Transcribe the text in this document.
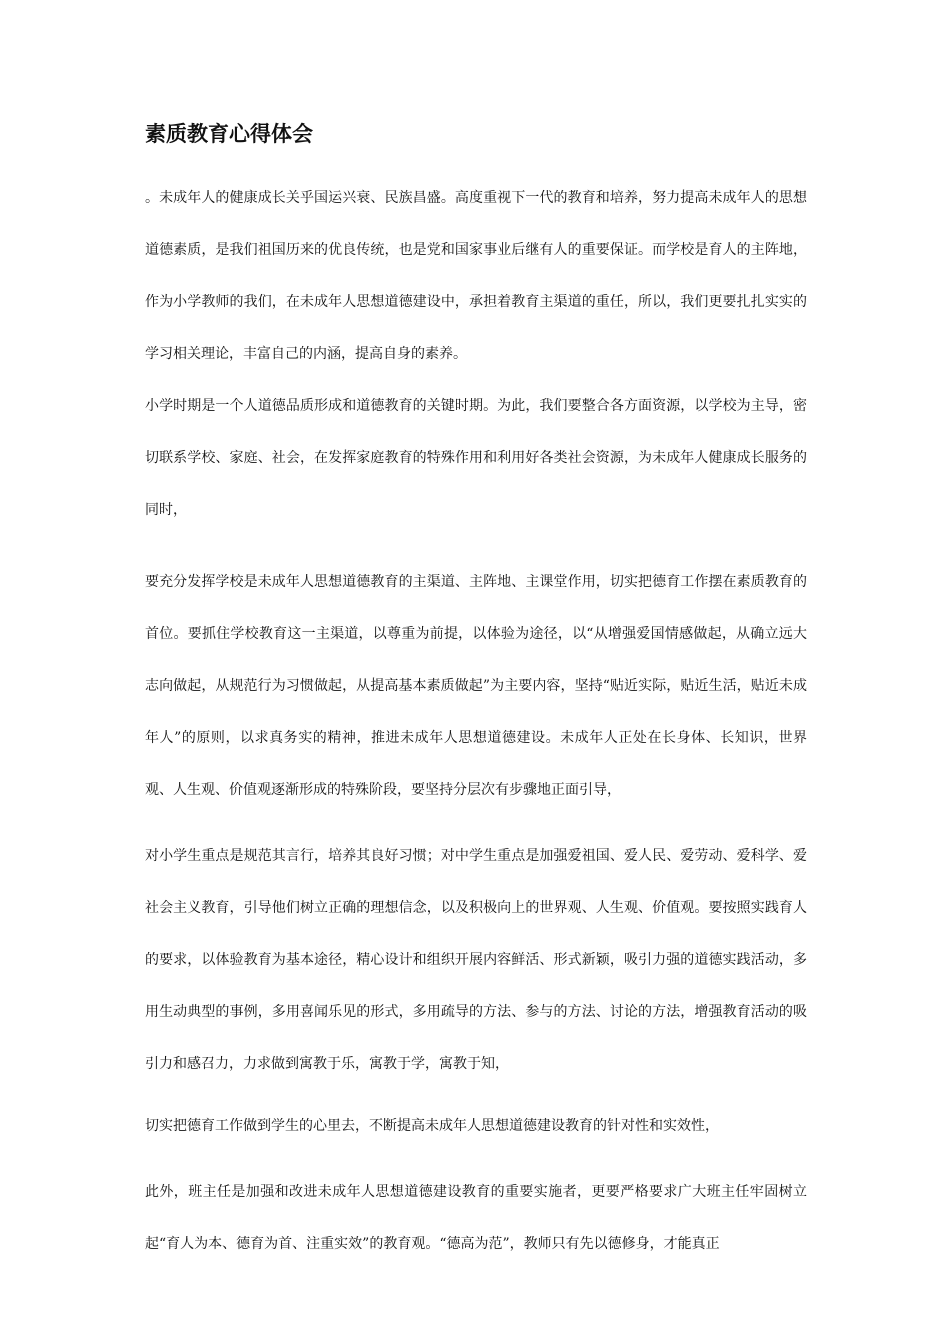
素质教育心得体会

。未成年人的健康成长关乎国运兴衰、民族昌盛。高度重视下一代的教育和培养，努力提高未成年人的思想道德素质，是我们祖国历来的优良传统，也是党和国家事业后继有人的重要保证。而学校是育人的主阵地，作为小学教师的我们，在未成年人思想道德建设中，承担着教育主渠道的重任，所以，我们更要扎扎实实的学习相关理论，丰富自己的内涵，提高自身的素养。

小学时期是一个人道德品质形成和道德教育的关键时期。为此，我们要整合各方面资源，以学校为主导，密切联系学校、家庭、社会，在发挥家庭教育的特殊作用和利用好各类社会资源，为未成年人健康成长服务的同时，

要充分发挥学校是未成年人思想道德教育的主渠道、主阵地、主课堂作用，切实把德育工作摆在素质教育的首位。要抓住学校教育这一主渠道，以尊重为前提，以体验为途径，以“从增强爱国情感做起，从确立远大志向做起，从规范行为习惯做起，从提高基本素质做起”为主要内容，坚持“贴近实际，贴近生活，贴近未成年人”的原则，以求真务实的精神，推进未成年人思想道德建设。未成年人正处在长身体、长知识，世界观、人生观、价值观逐渐形成的特殊阶段，要坚持分层次有步骤地正面引导，

对小学生重点是规范其言行，培养其良好习惯；对中学生重点是加强爱祖国、爱人民、爱劳动、爱科学、爱社会主义教育，引导他们树立正确的理想信念，以及积极向上的世界观、人生观、价值观。要按照实践育人的要求，以体验教育为基本途径，精心设计和组织开展内容鲜活、形式新颖，吸引力强的道德实践活动，多用生动典型的事例，多用喜闻乐见的形式，多用疏导的方法、参与的方法、讨论的方法，增强教育活动的吸引力和感召力，力求做到寓教于乐，寓教于学，寓教于知，

切实把德育工作做到学生的心里去，不断提高未成年人思想道德建设教育的针对性和实效性，

此外，班主任是加强和改进未成年人思想道德建设教育的重要实施者，更要严格要求广大班主任牢固树立起“育人为本、德育为首、注重实效”的教育观。“德高为范”，教师只有先以德修身，才能真正
